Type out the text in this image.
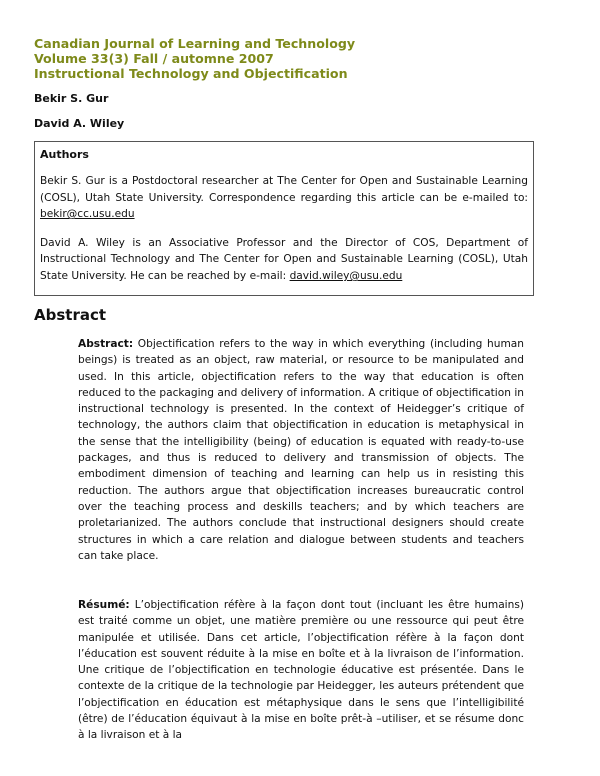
Canadian Journal of Learning and Technology
Volume 33(3) Fall / automne 2007
Instructional Technology and Objectification
Bekir S. Gur
David A. Wiley
Authors

Bekir S. Gur is a Postdoctoral researcher at The Center for Open and Sustainable Learning (COSL), Utah State University. Correspondence regarding this article can be e-mailed to: bekir@cc.usu.edu

David A. Wiley is an Associative Professor and the Director of COS, Department of Instructional Technology and The Center for Open and Sustainable Learning (COSL), Utah State University. He can be reached by e-mail: david.wiley@usu.edu

Abstract

Abstract: Objectification refers to the way in which everything (including human beings) is treated as an object, raw material, or resource to be manipulated and used. In this article, objectification refers to the way that education is often reduced to the packaging and delivery of information. A critique of objectification in instructional technology is presented. In the context of Heidegger’s critique of technology, the authors claim that objectification in education is metaphysical in the sense that the intelligibility (being) of education is equated with ready-to-use packages, and thus is reduced to delivery and transmission of objects. The embodiment dimension of teaching and learning can help us in resisting this reduction. The authors argue that objectification increases bureaucratic control over the teaching process and deskills teachers; and by which teachers are proletarianized. The authors conclude that instructional designers should create structures in which a care relation and dialogue between students and teachers can take place.

Résumé: L’objectification réfère à la façon dont tout (incluant les être humains) est traité comme un objet, une matière première ou une ressource qui peut être manipulée et utilisée. Dans cet article, l’objectification réfère à la façon dont l’éducation est souvent réduite à la mise en boîte et à la livraison de l’information. Une critique de l’objectification en technologie éducative est présentée. Dans le contexte de la critique de la technologie par Heidegger, les auteurs prétendent que l’objectification en éducation est métaphysique dans le sens que l’intelligibilité (être) de l’éducation équivaut à la mise en boîte prêt-à –utiliser, et se résume donc à la livraison et à la
